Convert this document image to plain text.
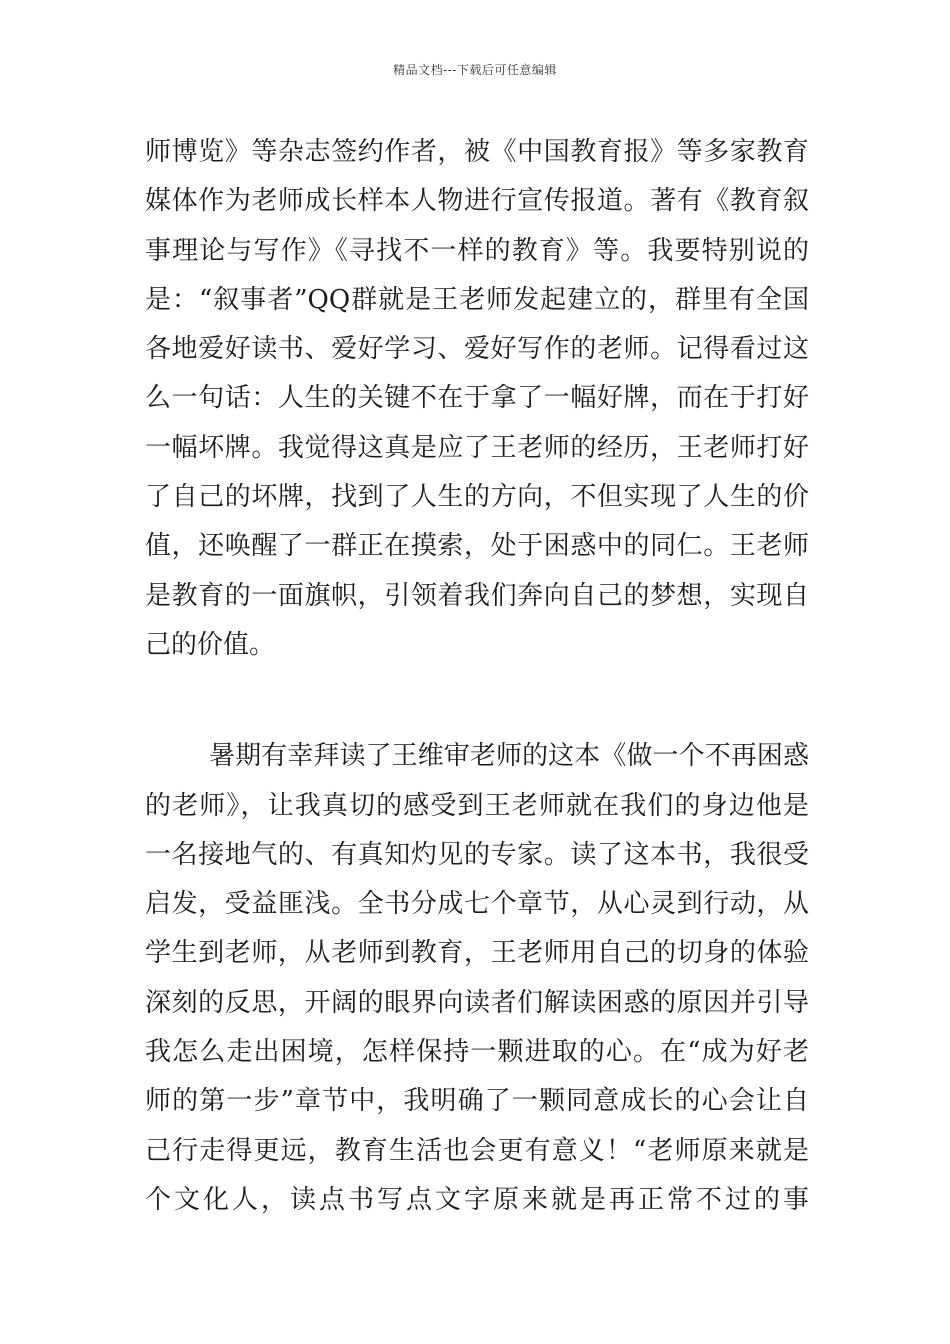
精品文档---下载后可任意编辑
师博览》等杂志签约作者，被《中国教育报》等多家教育
媒体作为老师成长样本人物进行宣传报道。著有《教育叙
事理论与写作》《寻找不一样的教育》等。我要特别说的
是：“叙事者”QQ群就是王老师发起建立的，群里有全国
各地爱好读书、爱好学习、爱好写作的老师。记得看过这
么一句话：人生的关键不在于拿了一幅好牌，而在于打好
一幅坏牌。我觉得这真是应了王老师的经历，王老师打好
了自己的坏牌，找到了人生的方向，不但实现了人生的价
值，还唤醒了一群正在摸索，处于困惑中的同仁。王老师
是教育的一面旗帜，引领着我们奔向自己的梦想，实现自
己的价值。
暑期有幸拜读了王维审老师的这本《做一个不再困惑
的老师》，让我真切的感受到王老师就在我们的身边他是
一名接地气的、有真知灼见的专家。读了这本书，我很受
启发，受益匪浅。全书分成七个章节，从心灵到行动，从
学生到老师，从老师到教育，王老师用自己的切身的体验
深刻的反思，开阔的眼界向读者们解读困惑的原因并引导
我怎么走出困境，怎样保持一颗进取的心。在“成为好老
师的第一步”章节中，我明确了一颗同意成长的心会让自
己行走得更远，教育生活也会更有意义！“老师原来就是
个文化人，读点书写点文字原来就是再正常不过的事
